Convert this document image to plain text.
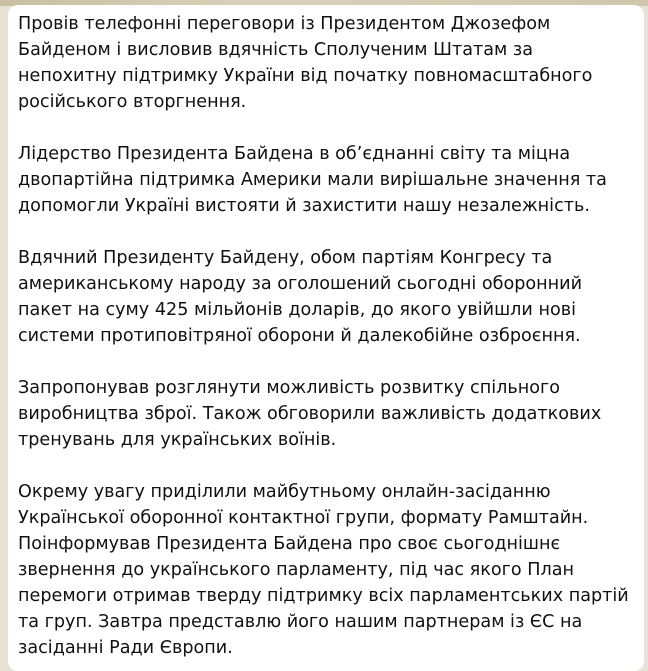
Провів телефонні переговори із Президентом Джозефом
Байденом і висловив вдячність Сполученим Штатам за
непохитну підтримку України від початку повномасштабного
російського вторгнення.

Лідерство Президента Байдена в об’єднанні світу та міцна
двопартійна підтримка Америки мали вирішальне значення та
допомогли Україні вистояти й захистити нашу незалежність.

Вдячний Президенту Байдену, обом партіям Конгресу та
американському народу за оголошений сьогодні оборонний
пакет на суму 425 мільйонів доларів, до якого увійшли нові
системи протиповітряної оборони й далекобійне озброєння.

Запропонував розглянути можливість розвитку спільного
виробництва зброї. Також обговорили важливість додаткових
тренувань для українських воїнів.

Окрему увагу приділили майбутньому онлайн-засіданню
Української оборонної контактної групи, формату Рамштайн.
Поінформував Президента Байдена про своє сьогоднішнє
звернення до українського парламенту, під час якого План
перемоги отримав тверду підтримку всіх парламентських партій
та груп. Завтра представлю його нашим партнерам із ЄС на
засіданні Ради Європи.
